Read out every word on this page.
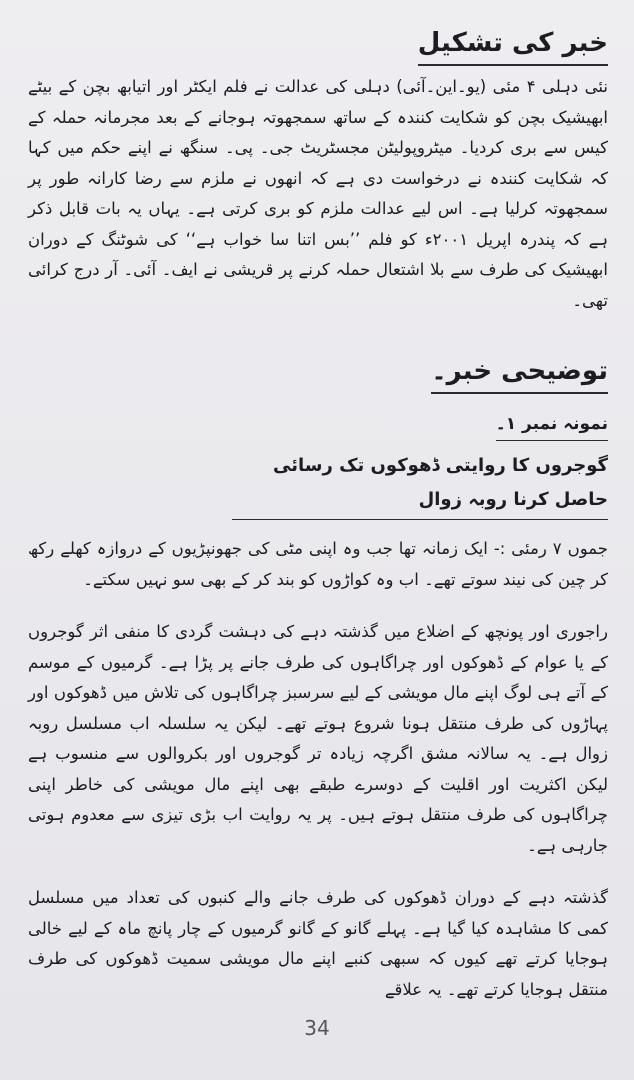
خبر کی تشکیل

نئی دہلی ۴ مئی (یو۔این۔آئی) دہلی کی عدالت نے فلم ایکٹر اور اتیابھ بچن کے بیٹے ابھیشیک بچن کو شکایت کنندہ کے ساتھ سمجھوتہ ہوجانے کے بعد مجرمانہ حملہ کے کیس سے بری کردیا۔ میٹروپولیٹن مجسٹریٹ جی۔ پی۔ سنگھ نے اپنے حکم میں کہا کہ شکایت کنندہ نے درخواست دی ہے کہ انھوں نے ملزم سے رضا کارانہ طور پر سمجھوتہ کرلیا ہے۔ اس لیے عدالت ملزم کو بری کرتی ہے۔ یہاں یہ بات قابل ذکر ہے کہ پندرہ اپریل ۲۰۰۱ء کو فلم ’’بس اتنا سا خواب ہے‘‘ کی شوٹنگ کے دوران ابھیشیک کی طرف سے بلا اشتعال حملہ کرنے پر قریشی نے ایف۔ آئی۔ آر درج کرائی تھی۔

توضیحی خبر۔
نمونہ نمبر ۱۔
گوجروں کا روایتی ڈھوکوں تک رسائی حاصل کرنا روبہ زوال

جموں ۷ رمئی :- ایک زمانہ تھا جب وہ اپنی مٹی کی جھونپڑیوں کے دروازہ کھلے رکھ کر چین کی نیند سوتے تھے۔ اب وہ کواڑوں کو بند کر کے بھی سو نہیں سکتے۔

راجوری اور پونچھ کے اضلاع میں گذشتہ دہے کی دہشت گردی کا منفی اثر گوجروں کے یا عوام کے ڈھوکوں اور چراگاہوں کی طرف جانے پر پڑا ہے۔ گرمیوں کے موسم کے آتے ہی لوگ اپنے مال مویشی کے لیے سرسبز چراگاہوں کی تلاش میں ڈھوکوں اور پہاڑوں کی طرف منتقل ہونا شروع ہوتے تھے۔ لیکن یہ سلسلہ اب مسلسل روبہ زوال ہے۔ یہ سالانہ مشق اگرچہ زیادہ تر گوجروں اور بکروالوں سے منسوب ہے لیکن اکثریت اور اقلیت کے دوسرے طبقے بھی اپنے مال مویشی کی خاطر اپنی چراگاہوں کی طرف منتقل ہوتے ہیں۔ پر یہ روایت اب بڑی تیزی سے معدوم ہوتی جارہی ہے۔

گذشتہ دہے کے دوران ڈھوکوں کی طرف جانے والے کنبوں کی تعداد میں مسلسل کمی کا مشاہدہ کیا گیا ہے۔ پہلے گانو کے گانو گرمیوں کے چار پانچ ماہ کے لیے خالی ہوجایا کرتے تھے کیوں کہ سبھی کنبے اپنے مال مویشی سمیت ڈھوکوں کی طرف منتقل ہوجایا کرتے تھے۔ یہ علاقے

34
